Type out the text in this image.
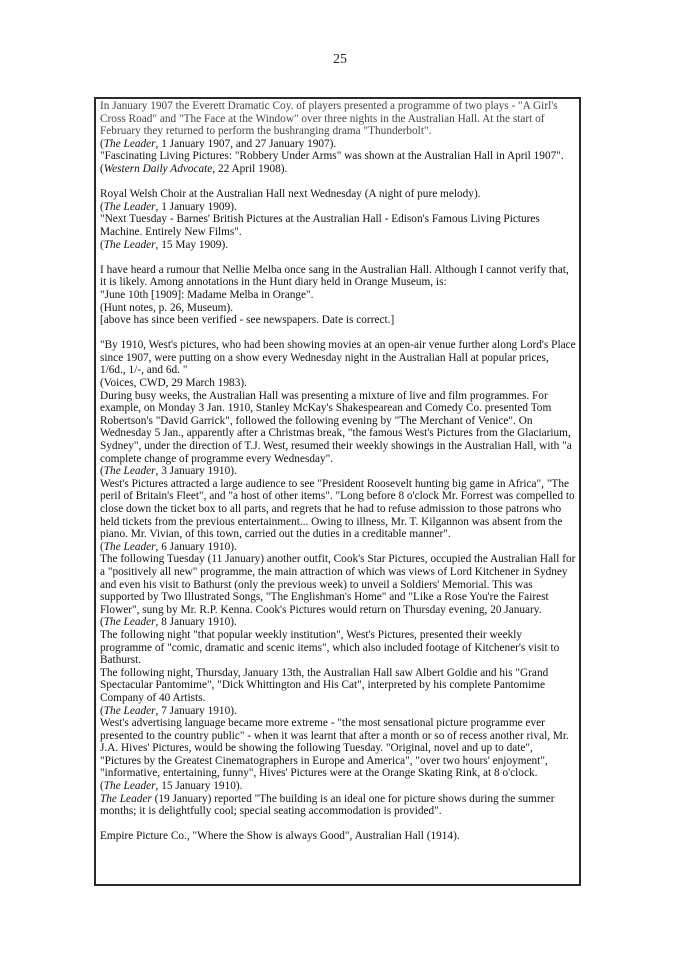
25

In January 1907 the Everett Dramatic Coy. of players presented a programme of two plays - "A Girl's Cross Road" and "The Face at the Window" over three nights in the Australian Hall. At the start of February they returned to perform the bushranging drama "Thunderbolt".

(The Leader, 1 January 1907, and 27 January 1907).

"Fascinating Living Pictures: "Robbery Under Arms" was shown at the Australian Hall in April 1907".

(Western Daily Advocate, 22 April 1908).

Royal Welsh Choir at the Australian Hall next Wednesday (A night of pure melody).

(The Leader, 1 January 1909).

"Next Tuesday - Barnes' British Pictures at the Australian Hall - Edison's Famous Living Pictures Machine. Entirely New Films".

(The Leader, 15 May 1909).

I have heard a rumour that Nellie Melba once sang in the Australian Hall. Although I cannot verify that, it is likely. Among annotations in the Hunt diary held in Orange Museum, is:

"June 10th [1909]: Madame Melba in Orange".

(Hunt notes, p. 26, Museum).

[above has since been verified - see newspapers. Date is correct.]

"By 1910, West's pictures, who had been showing movies at an open-air venue further along Lord's Place since 1907, were putting on a show every Wednesday night in the Australian Hall at popular prices, 1/6d., 1/-, and 6d. "

(Voices, CWD, 29 March 1983).

During busy weeks, the Australian Hall was presenting a mixture of live and film programmes. For example, on Monday 3 Jan. 1910, Stanley McKay's Shakespearean and Comedy Co. presented Tom Robertson's "David Garrick", followed the following evening by "The Merchant of Venice". On Wednesday 5 Jan., apparently after a Christmas break, "the famous West's Pictures from the Glaciarium, Sydney", under the direction of T.J. West, resumed their weekly showings in the Australian Hall, with "a complete change of programme every Wednesday".

(The Leader, 3 January 1910).

West's Pictures attracted a large audience to see "President Roosevelt hunting big game in Africa", "The peril of Britain's Fleet", and "a host of other items". "Long before 8 o'clock Mr. Forrest was compelled to close down the ticket box to all parts, and regrets that he had to refuse admission to those patrons who held tickets from the previous entertainment... Owing to illness, Mr. T. Kilgannon was absent from the piano. Mr. Vivian, of this town, carried out the duties in a creditable manner".

(The Leader, 6 January 1910).

The following Tuesday (11 January) another outfit, Cook's Star Pictures, occupied the Australian Hall for a "positively all new" programme, the main attraction of which was views of Lord Kitchener in Sydney and even his visit to Bathurst (only the previous week) to unveil a Soldiers' Memorial. This was supported by Two Illustrated Songs, "The Englishman's Home" and "Like a Rose You're the Fairest Flower", sung by Mr. R.P. Kenna. Cook's Pictures would return on Thursday evening, 20 January.

(The Leader, 8 January 1910).

The following night "that popular weekly institution", West's Pictures, presented their weekly programme of "comic, dramatic and scenic items", which also included footage of Kitchener's visit to Bathurst.

The following night, Thursday, January 13th, the Australian Hall saw Albert Goldie and his "Grand Spectacular Pantomime", "Dick Whittington and His Cat", interpreted by his complete Pantomime Company of 40 Artists.

(The Leader, 7 January 1910).

West's advertising language became more extreme - "the most sensational picture programme ever presented to the country public" - when it was learnt that after a month or so of recess another rival, Mr. J.A. Hives' Pictures, would be showing the following Tuesday. "Original, novel and up to date", "Pictures by the Greatest Cinematographers in Europe and America", "over two hours' enjoyment", "informative, entertaining, funny", Hives' Pictures were at the Orange Skating Rink, at 8 o'clock.

(The Leader, 15 January 1910).

The Leader (19 January) reported "The building is an ideal one for picture shows during the summer months; it is delightfully cool; special seating accommodation is provided".

Empire Picture Co., "Where the Show is always Good", Australian Hall (1914).
